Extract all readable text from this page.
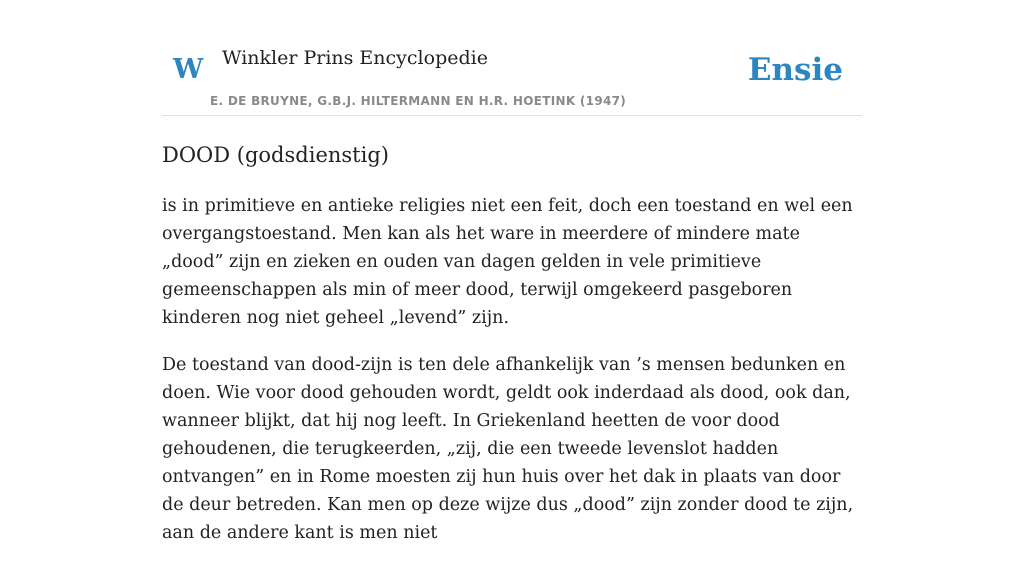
W Winkler Prins Encyclopedie
E. DE BRUYNE, G.B.J. HILTERMANN EN H.R. HOETINK (1947)
Ensie
DOOD (godsdienstig)

is in primitieve en antieke religies niet een feit, doch een toestand en wel een overgangstoestand. Men kan als het ware in meerdere of mindere mate „dood” zijn en zieken en ouden van dagen gelden in vele primitieve gemeenschappen als min of meer dood, terwijl omgekeerd pasgeboren kinderen nog niet geheel „levend” zijn.

De toestand van dood-zijn is ten dele afhankelijk van ’s mensen bedunken en doen. Wie voor dood gehouden wordt, geldt ook inderdaad als dood, ook dan, wanneer blijkt, dat hij nog leeft. In Griekenland heetten de voor dood gehoudenen, die terugkeerden, „zij, die een tweede levenslot hadden ontvangen” en in Rome moesten zij hun huis over het dak in plaats van door de deur betreden. Kan men op deze wijze dus „dood” zijn zonder dood te zijn, aan de andere kant is men niet
